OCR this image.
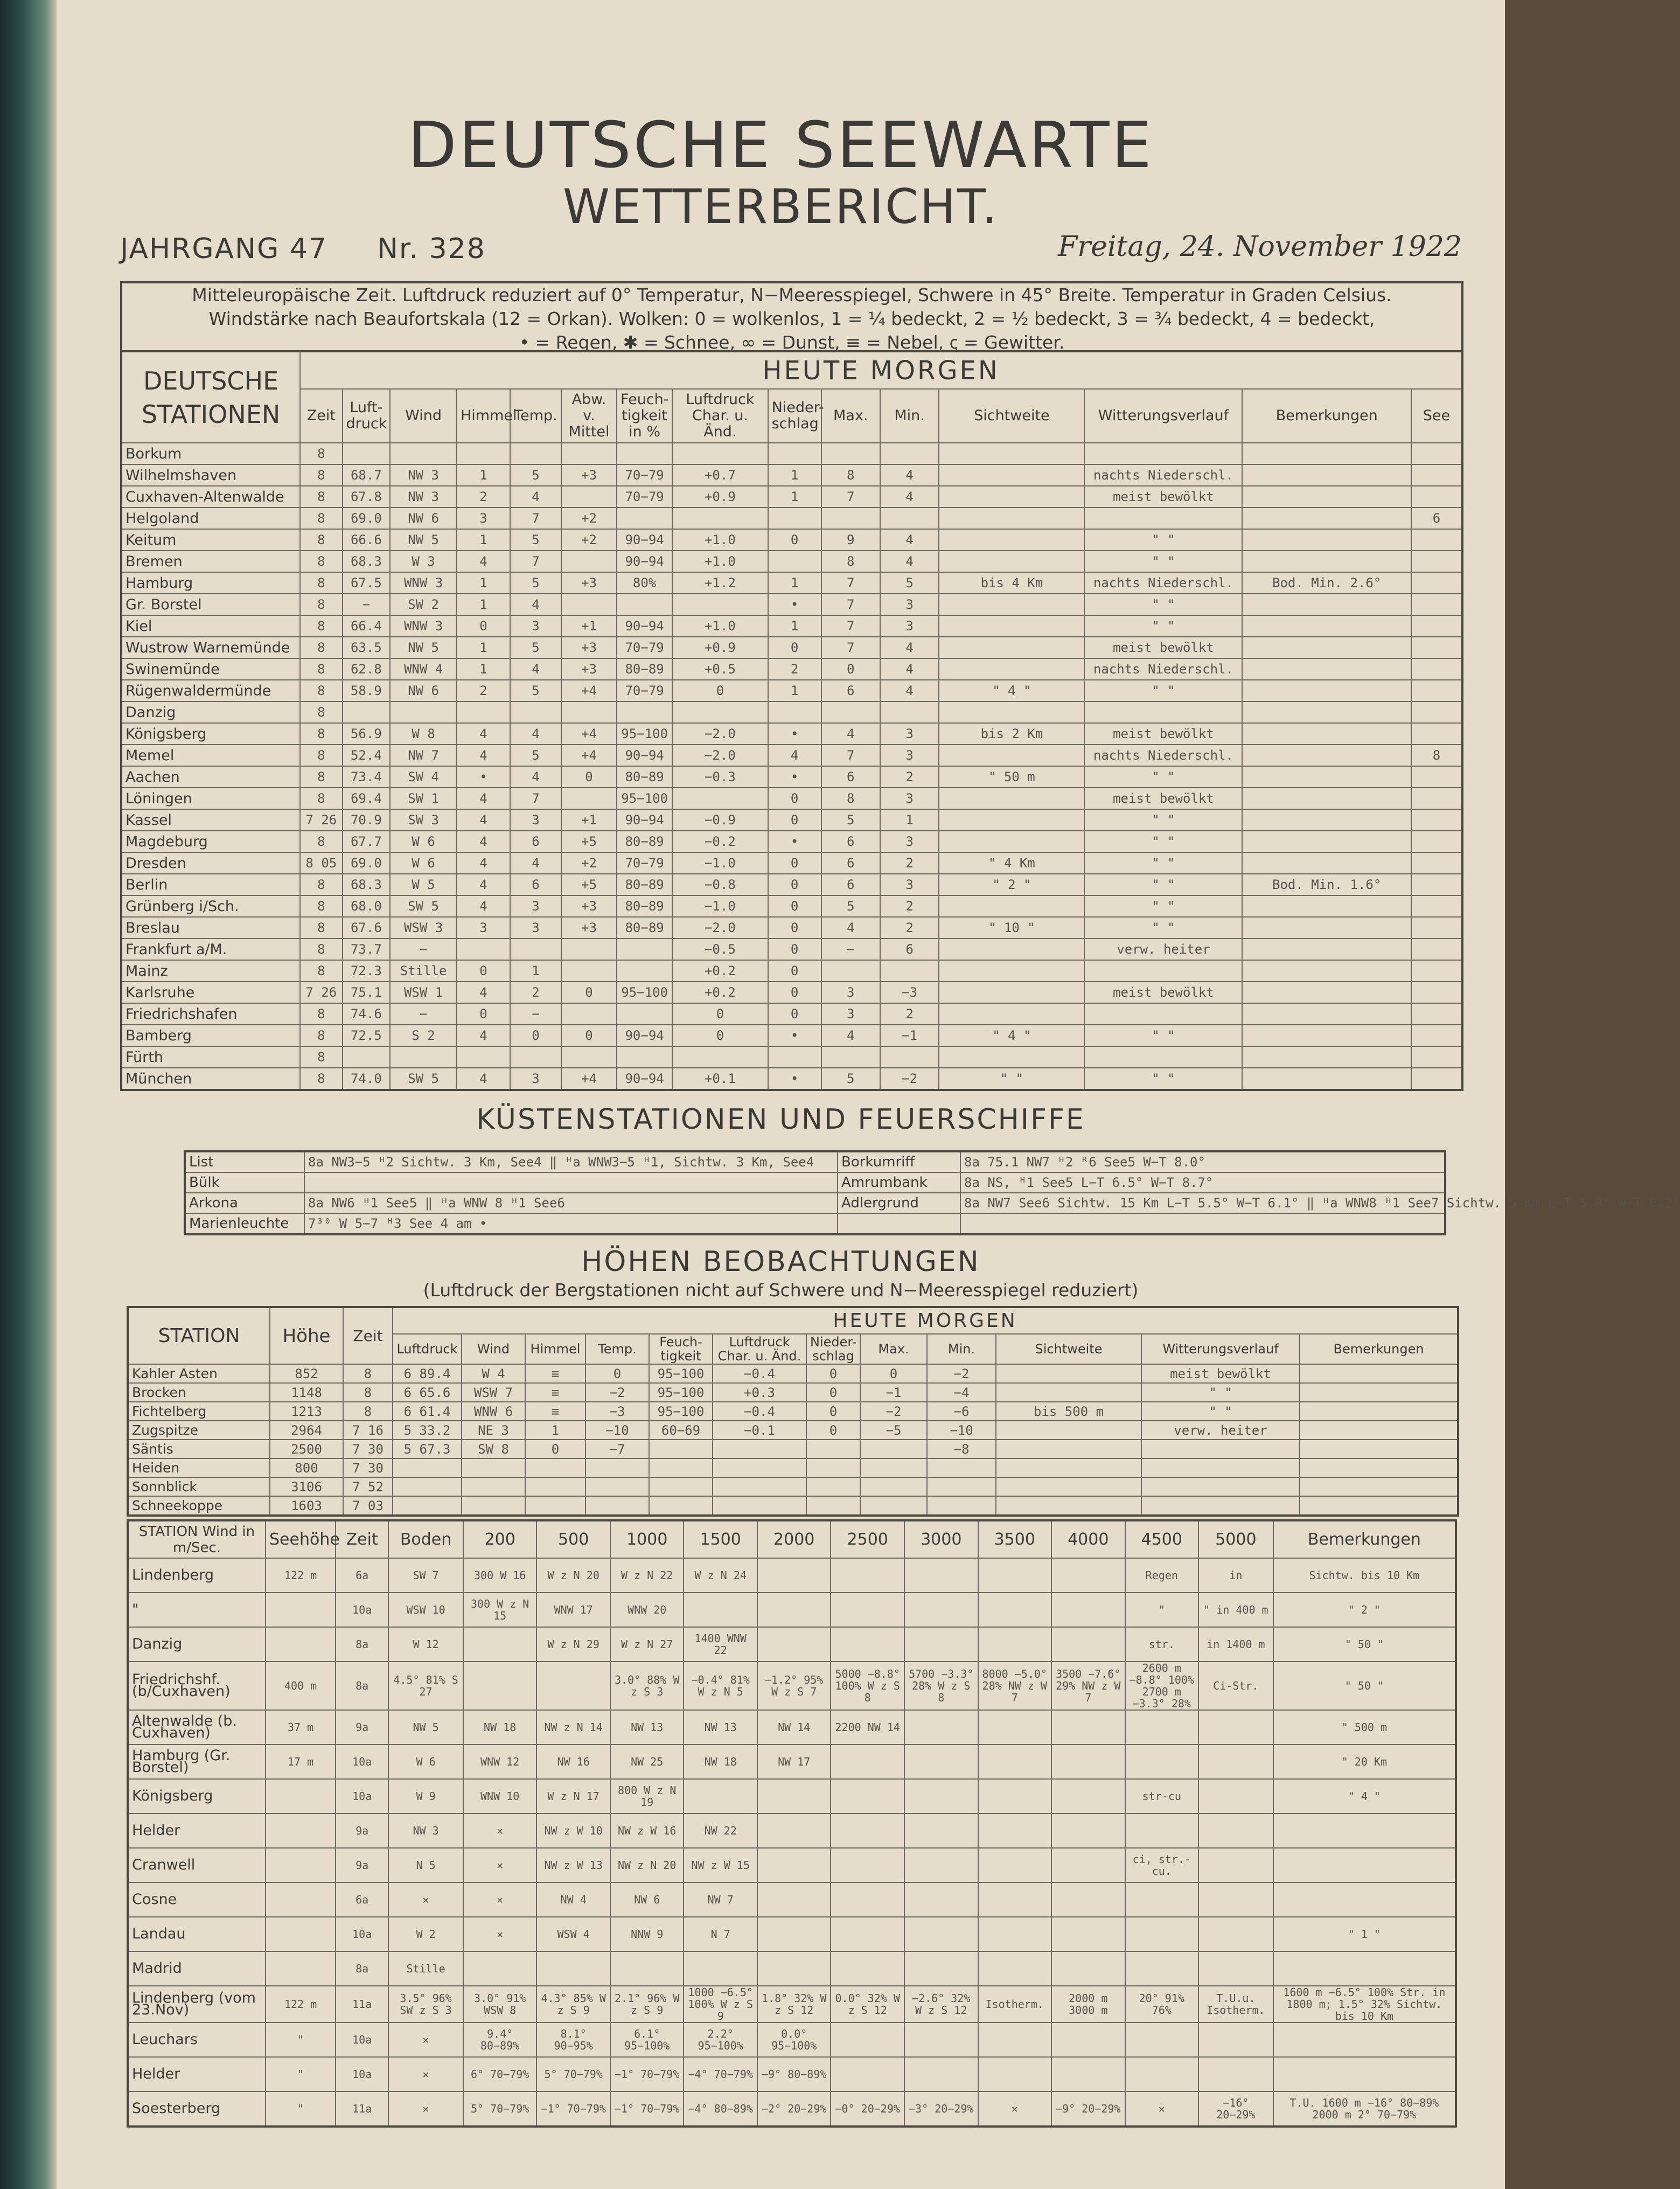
DEUTSCHE SEEWARTE
WETTERBERICHT.
JAHRGANG 47 Nr. 328	Freitag, 24. November 1922

Mitteleuropäische Zeit. Luftdruck reduziert auf 0° Temperatur, N−Meeresspiegel, Schwere in 45° Breite. Temperatur in Graden Celsius.

Windstärke nach Beaufortskala (12 = Orkan). Wolken: 0 = wolkenlos, 1 = ¼ bedeckt, 2 = ½ bedeckt, 3 = ¾ bedeckt, 4 = bedeckt,

• = Regen, ✱ = Schnee, ∞ = Dunst, ≡ = Nebel, ꞔ = Gewitter.

DEUTSCHE STATIONEN	HEUTE MORGEN														
	Zeit	Luft-druck	Wind	Himmel	Temp.	Abw. v. Mittel	Feuch-tigkeit in %	Luftdruck Char. u. Änd.	Nieder-schlag	Max.	Min.	Sichtweite	Witterungsverlauf	Bemerkungen	See
Borkum	8														
Wilhelmshaven	8	68.7	NW 3	1	5	+3	70−79	+0.7	1	8	4		nachts Niederschl.		
Cuxhaven-Altenwalde	8	67.8	NW 3	2	4		70−79	+0.9	1	7	4		meist bewölkt		
Helgoland	8	69.0	NW 6	3	7	+2									6
Keitum	8	66.6	NW 5	1	5	+2	90−94	+1.0	0	9	4		" "		
Bremen	8	68.3	W 3	4	7		90−94	+1.0		8	4		" "		
Hamburg	8	67.5	WNW 3	1	5	+3	80%	+1.2	1	7	5	bis 4 Km	nachts Niederschl.	Bod. Min. 2.6°	
Gr. Borstel	8	−	SW 2	1	4				•	7	3		" "		
Kiel	8	66.4	WNW 3	0	3	+1	90−94	+1.0	1	7	3		" "		
Wustrow Warnemünde	8	63.5	NW 5	1	5	+3	70−79	+0.9	0	7	4		meist bewölkt		
Swinemünde	8	62.8	WNW 4	1	4	+3	80−89	+0.5	2	0	4		nachts Niederschl.		
Rügenwaldermünde	8	58.9	NW 6	2	5	+4	70−79	0	1	6	4	" 4 "	" "		
Danzig	8														
Königsberg	8	56.9	W 8	4	4	+4	95−100	−2.0	•	4	3	bis 2 Km	meist bewölkt		
Memel	8	52.4	NW 7	4	5	+4	90−94	−2.0	4	7	3		nachts Niederschl.		8
Aachen	8	73.4	SW 4	•	4	0	80−89	−0.3	•	6	2	" 50 m	" "		
Löningen	8	69.4	SW 1	4	7		95−100		0	8	3		meist bewölkt		
Kassel	7 26	70.9	SW 3	4	3	+1	90−94	−0.9	0	5	1		" "		
Magdeburg	8	67.7	W 6	4	6	+5	80−89	−0.2	•	6	3		" "		
Dresden	8 05	69.0	W 6	4	4	+2	70−79	−1.0	0	6	2	" 4 Km	" "		
Berlin	8	68.3	W 5	4	6	+5	80−89	−0.8	0	6	3	" 2 "	" "	Bod. Min. 1.6°	
Grünberg i/Sch.	8	68.0	SW 5	4	3	+3	80−89	−1.0	0	5	2		" "		
Breslau	8	67.6	WSW 3	3	3	+3	80−89	−2.0	0	4	2	" 10 "	" "		
Frankfurt a/M.	8	73.7	−					−0.5	0	−	6		verw. heiter		
Mainz	8	72.3	Stille	0	1			+0.2	0						
Karlsruhe	7 26	75.1	WSW 1	4	2	0	95−100	+0.2	0	3	−3		meist bewölkt		
Friedrichshafen	8	74.6	−	0	−			0	0	3	2				
Bamberg	8	72.5	S 2	4	0	0	90−94	0	•	4	−1	" 4 "	" "		
Fürth	8														
München	8	74.0	SW 5	4	3	+4	90−94	+0.1	•	5	−2	" "	" "		
KÜSTENSTATIONEN UND FEUERSCHIFFE
List	8a NW3−5 ᴴ2 Sichtw. 3 Km, See4 ‖ ᴴa WNW3−5 ᴴ1, Sichtw. 3 Km, See4	Borkumriff	8a 75.1 NW7 ᴴ2 ᴿ6 See5 W−T 8.0°
Bülk		Amrumbank	8a NS, ᴴ1 See5 L−T 6.5° W−T 8.7°
Arkona	8a NW6 ᴴ1 See5 ‖ ᴴa WNW 8 ᴴ1 See6	Adlergrund	8a NW7 See6 Sichtw. 15 Km L−T 5.5° W−T 6.1° ‖ ᴴa WNW8 ᴴ1 See7 Sichtw. 5 Km L−T 5.8° W−T 6.2°
Marienleuchte	7³⁰ W 5−7 ᴴ3 See 4 am •		
HÖHEN BEOBACHTUNGEN
(Luftdruck der Bergstationen nicht auf Schwere und N−Meeresspiegel reduziert)
STATION	Höhe	Zeit	HEUTE MORGEN											
			Luftdruck	Wind	Himmel	Temp.	Feuch-tigkeit	Luftdruck Char. u. Änd.	Nieder-schlag	Max.	Min.	Sichtweite	Witterungsverlauf	Bemerkungen
Kahler Asten	852	8	6 89.4	W 4	≡	0	95−100	−0.4	0	0	−2		meist bewölkt	
Brocken	1148	8	6 65.6	WSW 7	≡	−2	95−100	+0.3	0	−1	−4		" "	
Fichtelberg	1213	8	6 61.4	WNW 6	≡	−3	95−100	−0.4	0	−2	−6	bis 500 m	" "	
Zugspitze	2964	7 16	5 33.2	NE 3	1	−10	60−69	−0.1	0	−5	−10		verw. heiter	
Säntis	2500	7 30	5 67.3	SW 8	0	−7					−8			
Heiden	800	7 30												
Sonnblick	3106	7 52												
Schneekoppe	1603	7 03												
STATION Wind in m/Sec.	Seehöhe	Zeit	Boden	200	500	1000	1500	2000	2500	3000	3500	4000	4500	5000	Bemerkungen
Lindenberg	122 m	6a	SW 7	300 W 16	W z N 20	W z N 22	W z N 24						Regen	in	Sichtw. bis 10 Km
"		10a	WSW 10	300 W z N 15	WNW 17	WNW 20							"	" in 400 m	" 2 "
Danzig		8a	W 12		W z N 29	W z N 27	1400 WNW 22						str.	in 1400 m	" 50 "
Friedrichshf. (b/Cuxhaven)	400 m	8a	4.5° 81% S 27			3.0° 88% W z S 3	−0.4° 81% W z N 5	−1.2° 95% W z S 7	5000 −8.8° 100% W z S 8	5700 −3.3° 28% W z S 8	8000 −5.0° 28% NW z W 7	3500 −7.6° 29% NW z W 7	2600 m −8.8° 100% 2700 m −3.3° 28%	Ci-Str.	" 50 "
Altenwalde (b. Cuxhaven)	37 m	9a	NW 5	NW 18	NW z N 14	NW 13	NW 13	NW 14	2200 NW 14						" 500 m
Hamburg (Gr. Borstel)	17 m	10a	W 6	WNW 12	NW 16	NW 25	NW 18	NW 17							" 20 Km
Königsberg		10a	W 9	WNW 10	W z N 17	800 W z N 19							str-cu		" 4 "
Helder		9a	NW 3	✕	NW z W 10	NW z W 16	NW 22								
Cranwell		9a	N 5	✕	NW z W 13	NW z N 20	NW z W 15						ci, str.-cu.		
Cosne		6a	✕	✕	NW 4	NW 6	NW 7								
Landau		10a	W 2	✕	WSW 4	NNW 9	N 7								" 1 "
Madrid		8a	Stille												
Lindenberg (vom 23.Nov)	122 m	11a	3.5° 96% SW z S 3	3.0° 91% WSW 8	4.3° 85% W z S 9	2.1° 96% W z S 9	1000 −6.5° 100% W z S 9	1.8° 32% W z S 12	0.0° 32% W z S 12	−2.6° 32% W z S 12	Isotherm.	2000 m 3000 m	20° 91% 76%	T.U.u. Isotherm.	1600 m −6.5° 100% Str. in 1800 m; 1.5° 32% Sichtw. bis 10 Km
Leuchars	"	10a	✕	9.4° 80−89%	8.1° 90−95%	6.1° 95−100%	2.2° 95−100%	0.0° 95−100%							
Helder	"	10a	✕	6° 70−79%	5° 70−79%	−1° 70−79%	−4° 70−79%	−9° 80−89%							
Soesterberg	"	11a	✕	5° 70−79%	−1° 70−79%	−1° 70−79%	−4° 80−89%	−2° 20−29%	−0° 20−29%	−3° 20−29%	✕	−9° 20−29%	✕	−16° 20−29%	T.U. 1600 m −16° 80−89% 2000 m 2° 70−79%
